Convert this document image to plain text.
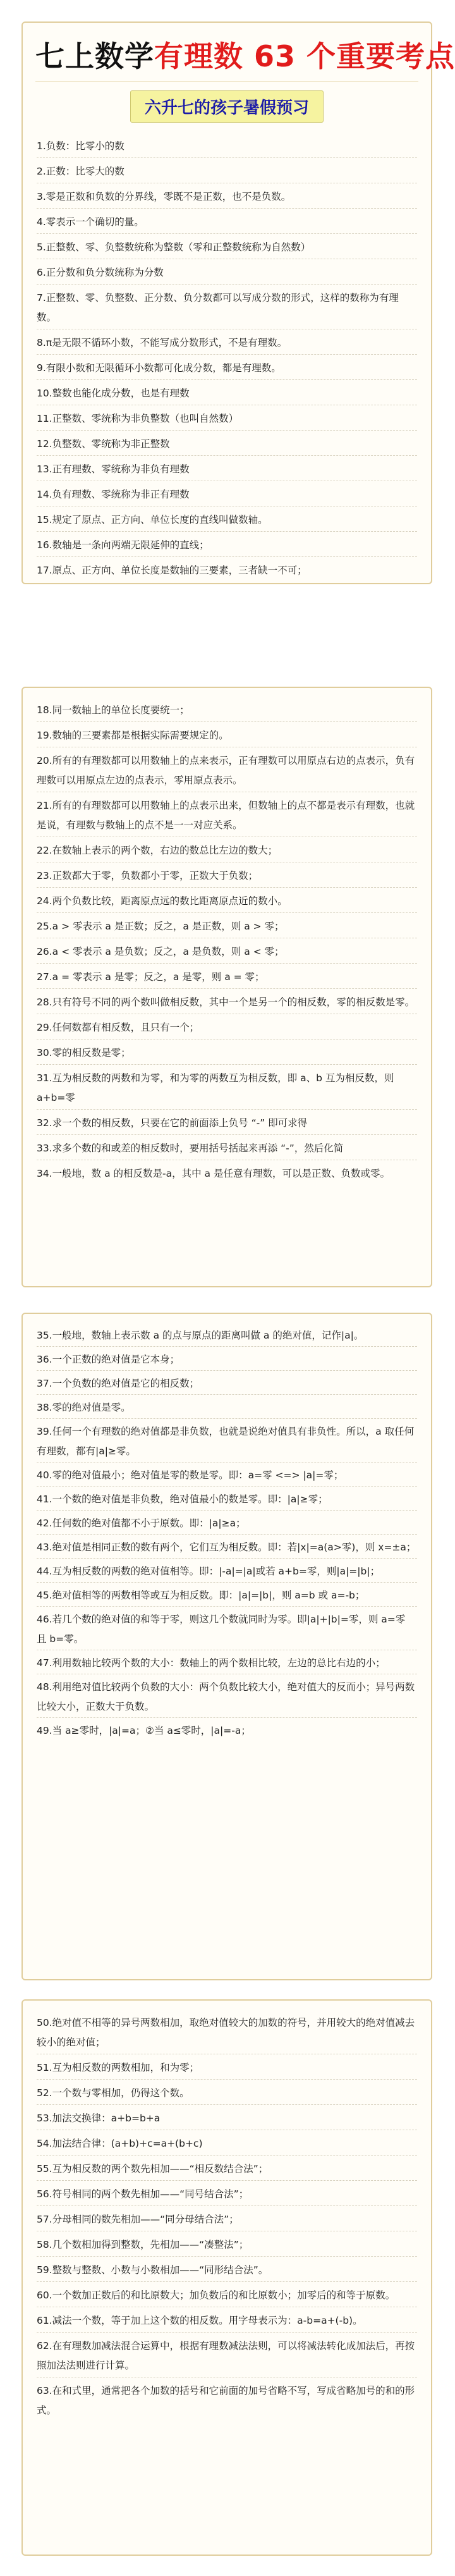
七上数学有理数 63 个重要考点
六升七的孩子暑假预习
1.负数：比零小的数
2.正数：比零大的数
3.零是正数和负数的分界线，零既不是正数，也不是负数。
4.零表示一个确切的量。
5.正整数、零、负整数统称为整数（零和正整数统称为自然数）
6.正分数和负分数统称为分数
7.正整数、零、负整数、正分数、负分数都可以写成分数的形式，这样的数称为有理数。
8.π是无限不循环小数，不能写成分数形式，不是有理数。
9.有限小数和无限循环小数都可化成分数，都是有理数。
10.整数也能化成分数，也是有理数
11.正整数、零统称为非负整数（也叫自然数）
12.负整数、零统称为非正整数
13.正有理数、零统称为非负有理数
14.负有理数、零统称为非正有理数
15.规定了原点、正方向、单位长度的直线叫做数轴。
16.数轴是一条向两端无限延伸的直线；
17.原点、正方向、单位长度是数轴的三要素，三者缺一不可；
18.同一数轴上的单位长度要统一；
19.数轴的三要素都是根据实际需要规定的。
20.所有的有理数都可以用数轴上的点来表示，正有理数可以用原点右边的点表示，负有理数可以用原点左边的点表示，零用原点表示。
21.所有的有理数都可以用数轴上的点表示出来，但数轴上的点不都是表示有理数，也就是说，有理数与数轴上的点不是一一对应关系。
22.在数轴上表示的两个数，右边的数总比左边的数大；
23.正数都大于零，负数都小于零，正数大于负数；
24.两个负数比较，距离原点远的数比距离原点近的数小。
25.a > 零表示 a 是正数；反之，a 是正数，则 a > 零；
26.a < 零表示 a 是负数；反之，a 是负数，则 a < 零；
27.a = 零表示 a 是零；反之，a 是零，则 a = 零；
28.只有符号不同的两个数叫做相反数，其中一个是另一个的相反数，零的相反数是零。
29.任何数都有相反数，且只有一个；
30.零的相反数是零；
31.互为相反数的两数和为零，和为零的两数互为相反数，即 a、b 互为相反数，则 a+b=零
32.求一个数的相反数，只要在它的前面添上负号 “-” 即可求得
33.求多个数的和或差的相反数时，要用括号括起来再添 “-”，然后化简
34.一般地，数 a 的相反数是-a，其中 a 是任意有理数，可以是正数、负数或零。
35.一般地，数轴上表示数 a 的点与原点的距离叫做 a 的绝对值，记作|a|。
36.一个正数的绝对值是它本身；
37.一个负数的绝对值是它的相反数；
38.零的绝对值是零。
39.任何一个有理数的绝对值都是非负数，也就是说绝对值具有非负性。所以，a 取任何有理数，都有|a|≥零。
40.零的绝对值最小；绝对值是零的数是零。即：a=零 <=> |a|=零；
41.一个数的绝对值是非负数，绝对值最小的数是零。即：|a|≥零；
42.任何数的绝对值都不小于原数。即：|a|≥a；
43.绝对值是相同正数的数有两个，它们互为相反数。即：若|x|=a(a>零)，则 x=±a；
44.互为相反数的两数的绝对值相等。即：|-a|=|a|或若 a+b=零，则|a|=|b|；
45.绝对值相等的两数相等或互为相反数。即：|a|=|b|，则 a=b 或 a=-b；
46.若几个数的绝对值的和等于零，则这几个数就同时为零。即|a|+|b|=零，则 a=零 且 b=零。
47.利用数轴比较两个数的大小：数轴上的两个数相比较，左边的总比右边的小；
48.利用绝对值比较两个负数的大小：两个负数比较大小，绝对值大的反而小；异号两数比较大小，正数大于负数。
49.当 a≥零时，|a|=a；②当 a≤零时，|a|=-a；
50.绝对值不相等的异号两数相加，取绝对值较大的加数的符号，并用较大的绝对值减去较小的绝对值；
51.互为相反数的两数相加，和为零；
52.一个数与零相加，仍得这个数。
53.加法交换律：a+b=b+a
54.加法结合律：(a+b)+c=a+(b+c)
55.互为相反数的两个数先相加——“相反数结合法”；
56.符号相同的两个数先相加——“同号结合法”；
57.分母相同的数先相加——“同分母结合法”；
58.几个数相加得到整数，先相加——“凑整法”；
59.整数与整数、小数与小数相加——“同形结合法”。
60.一个数加正数后的和比原数大；加负数后的和比原数小；加零后的和等于原数。
61.减法一个数，等于加上这个数的相反数。用字母表示为：a-b=a+(-b)。
62.在有理数加减法混合运算中，根据有理数减法法则，可以将减法转化成加法后，再按照加法法则进行计算。
63.在和式里，通常把各个加数的括号和它前面的加号省略不写，写成省略加号的和的形式。
